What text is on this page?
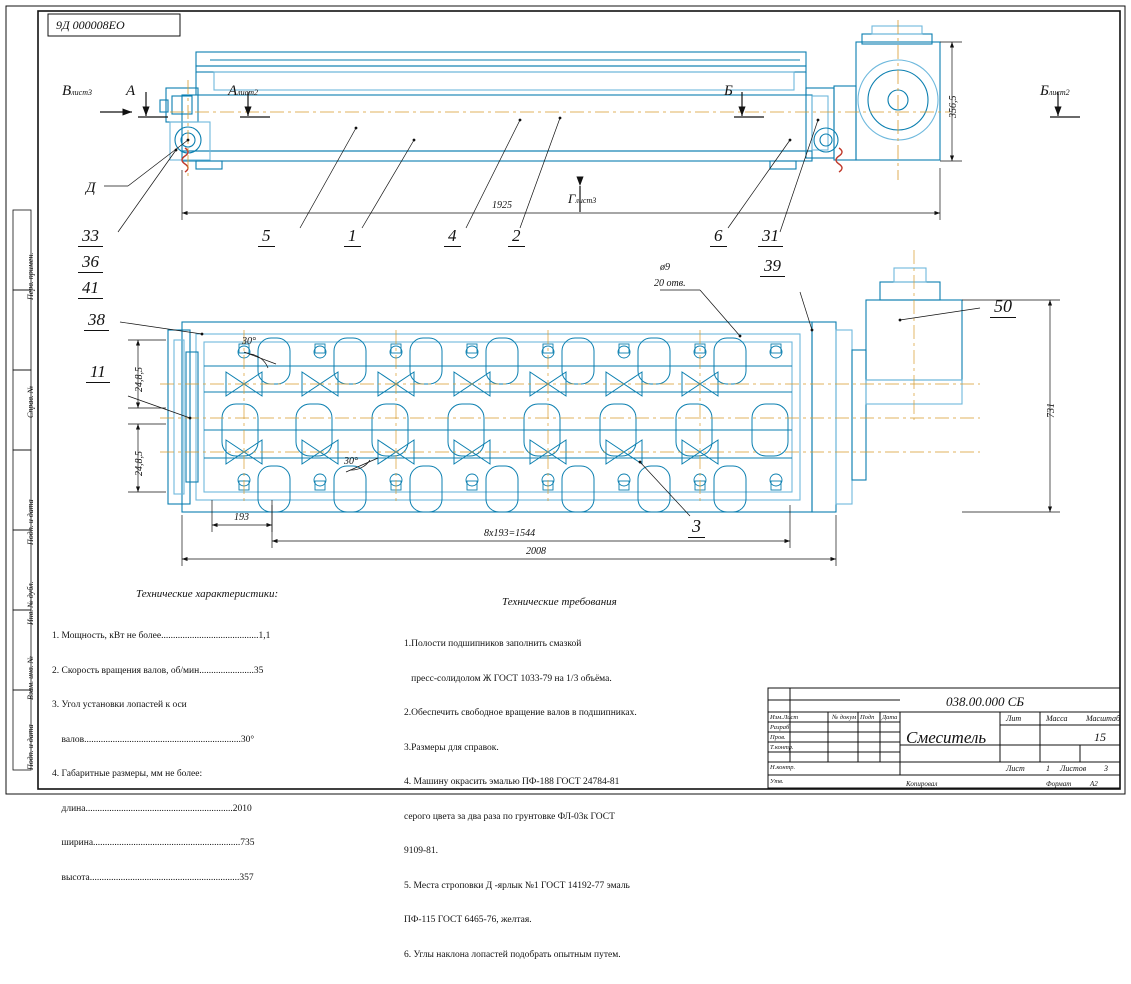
9Д 000008ЕО
Перв. примен.
Справ. №
Подп. и дата
Инв. № дубл.
Взам. инв. №
Подп. и дата
Влист3 А	Алист2	Б	Блист2
Глист3
Д
1925
356,5
731
193
8х193=1544
2008
24,8,5
24,8,5
ø9
20 отв.
30°
30°
33
36
41
38
11
5	1	4	2	6 31
39
50
3
Технические характеристики:

1. Мощность, кВт не более.........................................1,1

2. Скорость вращения валов, об/мин.......................35

3. Угол установки лопастей к оси

валов..................................................................30°

4. Габаритные размеры, мм не более:

длина..............................................................2010

ширина..............................................................735

высота...............................................................357

Технические требования

1.Полости подшипников заполнить смазкой

пресс-солидолом Ж ГОСТ 1033-79 на 1/3 объёма.

2.Обеспечить свободное вращение валов в подшипниках.

3.Размеры для справок.

4. Машину окрасить эмалью ПФ-188 ГОСТ 24784-81

серого цвета за два раза по грунтовке ФЛ-03к ГОСТ

9109-81.

5. Места строповки Д -ярлык №1 ГОСТ 14192-77 эмаль

ПФ-115 ГОСТ 6465-76, желтая.

6. Углы наклона лопастей подобрать опытным путем.

038.00.000 СБ
Смеситель
Лит	Масса Масштаб
15
Лист	1 Листов 3
Изм.Лист	№ докум Подп Дата
Разраб.
Пров.
Т.контр.
Н.контр.
Утв.	Копировал	Формат	А2
